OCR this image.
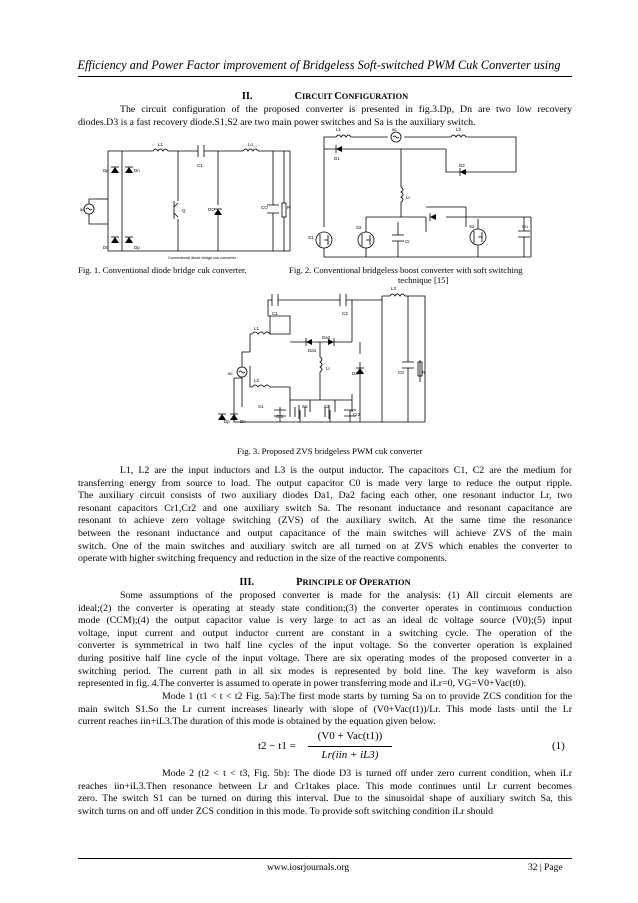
Efficiency and Power Factor improvement of Bridgeless Soft-switched PWM Cuk Converter using
II.	CIRCUIT CONFIGURATION
The circuit configuration of the proposed converter is presented in fig.3.Dp, Dn are two low recovery
diodes.D3 is a fast recovery diode.S1,S2 are two main power switches and Sa is the auxiliary switch.
Dp	Dn
Dn	Dp
L1	Lo
C1
ac	Q	DO	CO	R
Conventional diode bridge cuk converter
L1	L2
ac
D1
D2
Lr
S1
S2
Cr
S2	Co
Fig. 1. Conventional diode bridge cuk converter.	Fig. 2. Conventional bridgeless boost converter with soft switching
technique [15]
C1	C2
L3
L1
L2
Da1
Da2
Lr
D3	C0	R
ac
Dp Dn
S1
Cr1
Sa	S2
Cr2
Fig. 3. Proposed ZVS bridgeless PWM cuk converter
L1, L2 are the input inductors and L3 is the output inductor. The capacitors C1, C2 are the medium for
transferring energy from source to load. The output capacitor C0 is made very large to reduce the output ripple.
The auxiliary circuit consists of two auxiliary diodes Da1, Da2 facing each other, one resonant inductor Lr, two
resonant capacitors Cr1,Cr2 and one auxiliary switch Sa. The resonant inductance and resonant capacitance are
resonant to achieve zero voltage switching (ZVS) of the auxiliary switch. At the same time the resonance
between the resonant inductance and output capacitance of the main switches will achieve ZVS of the main
switch. One of the main switches and auxiliary switch are all turned on at ZVS which enables the converter to
operate with higher switching frequency and reduction in the size of the reactive components.
III.	PRINCIPLE OF OPERATION
Some assumptions of the proposed converter is made for the analysis: (1) All circuit elements are
ideal;(2) the converter is operating at steady state condition;(3) the converter operates in continuous conduction
mode (CCM);(4) the output capacitor value is very large to act as an ideal dc voltage source (V0);(5) input
voltage, input current and output inductor current are constant in a switching cycle. The operation of the
converter is symmetrical in two half line cycles of the input voltage. So the converter operation is explained
during positive half line cycle of the input voltage. There are six operating modes of the proposed converter in a
switching period. The current path in all six modes is represented by bold line. The key waveform is also
represented in fig. 4.The converter is assumed to operate in power transferring mode and iLr=0, VG=V0+Vac(t0).
Mode 1 (t1 < t < t2 Fig. 5a):The first mode starts by turning Sa on to provide ZCS condition for the
main switch S1.So the Lr current increases linearly with slope of (V0+Vac(t1))/Lr. This mode lasts until the Lr
current reaches iin+iL3.The duration of this mode is obtained by the equation given below.
t2 − t1 =
(V0 + Vac(t1))
Lr(iin + iL3)
(1)
Mode 2 (t2 < t < t3, Fig. 5b): The diode D3 is turned off under zero current condition, when iLr
reaches iin+iL3.Then resonance between Lr and Cr1takes place. This mode continues until Lr current becomes
zero. The switch S1 can be turned on during this interval. Due to the sinusoidal shape of auxiliary switch Sa, this
switch turns on and off under ZCS condition in this mode. To provide soft switching condition iLr should
www.iosrjournals.org	32 | Page
